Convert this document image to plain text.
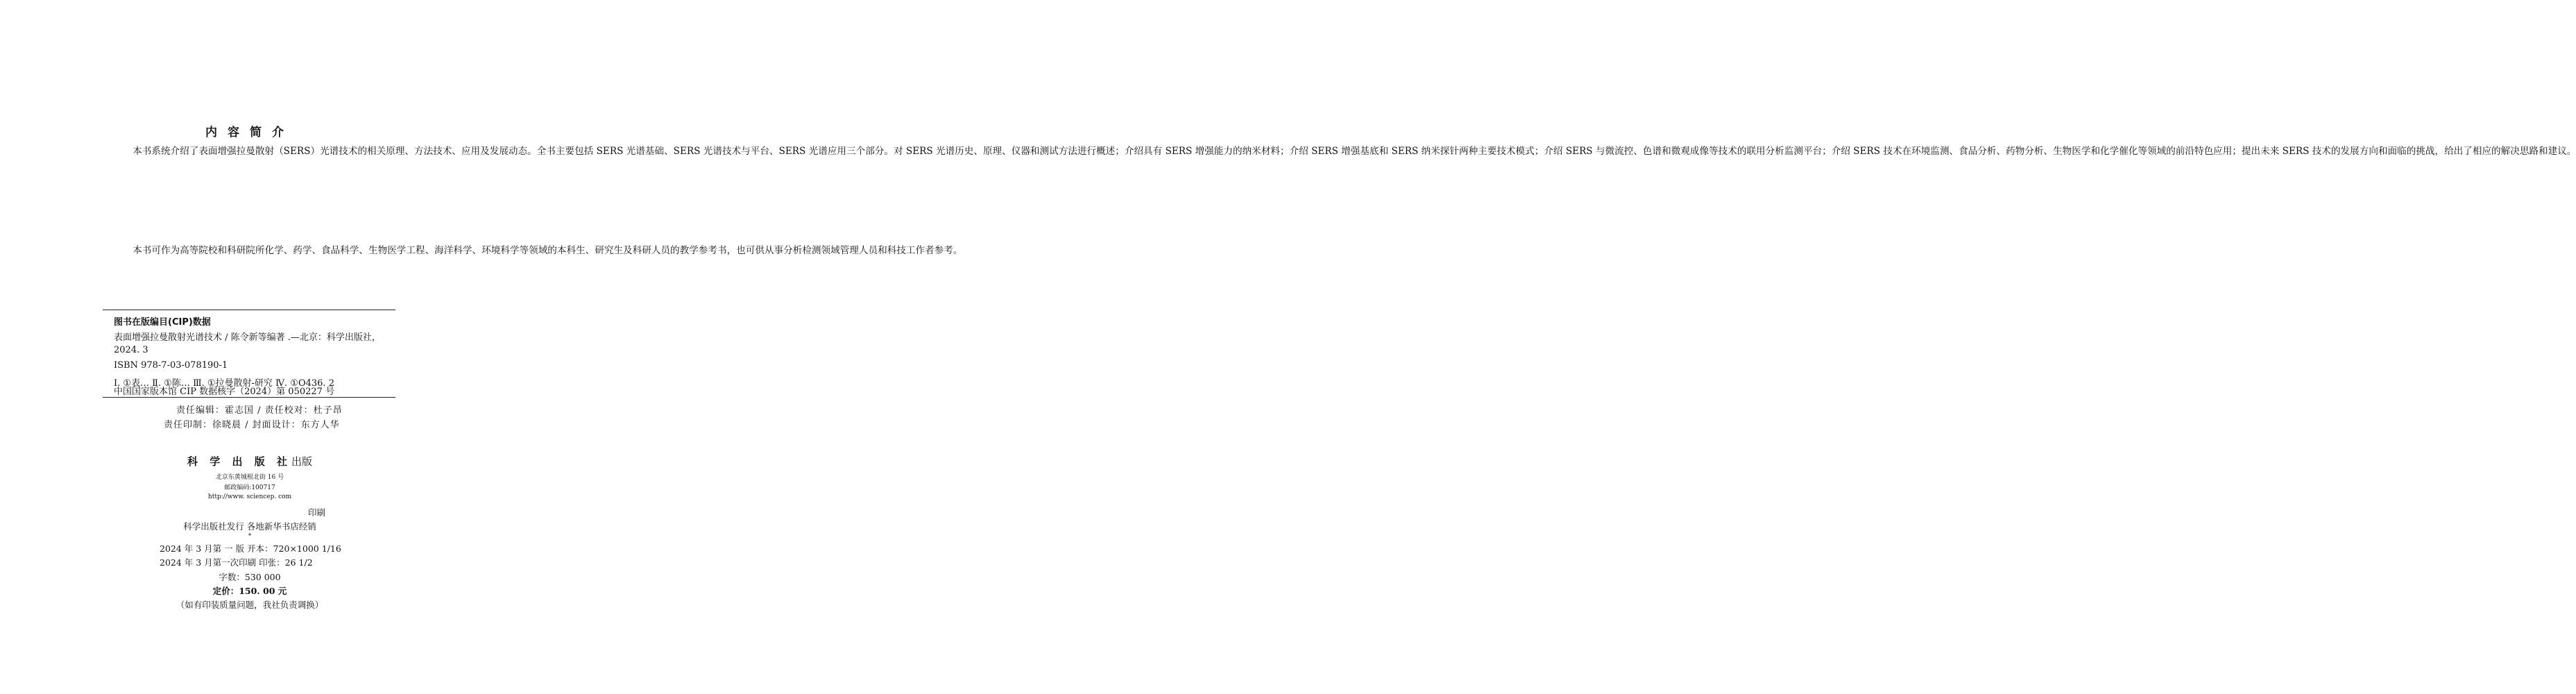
内容简介

本书系统介绍了表面增强拉曼散射（SERS）光谱技术的相关原理、方法技术、应用及发展动态。全书主要包括 SERS 光谱基础、SERS 光谱技术与平台、SERS 光谱应用三个部分。对 SERS 光谱历史、原理、仪器和测试方法进行概述；介绍具有 SERS 增强能力的纳米材料；介绍 SERS 增强基底和 SERS 纳米探针两种主要技术模式；介绍 SERS 与微流控、色谱和微观成像等技术的联用分析监测平台；介绍 SERS 技术在环境监测、食品分析、药物分析、生物医学和化学催化等领域的前沿特色应用；提出未来 SERS 技术的发展方向和面临的挑战，给出了相应的解决思路和建议。

本书可作为高等院校和科研院所化学、药学、食品科学、生物医学工程、海洋科学、环境科学等领域的本科生、研究生及科研人员的教学参考书，也可供从事分析检测领域管理人员和科技工作者参考。

图书在版编目(CIP)数据
表面增强拉曼散射光谱技术 / 陈令新等编著 .—北京：科学出版社，
2024. 3
ISBN 978-7-03-078190-1
Ⅰ. ①表… Ⅱ. ①陈… Ⅲ. ①拉曼散射-研究 Ⅳ. ①O436. 2
中国国家版本馆 CIP 数据核字（2024）第 050227 号
责任编辑：霍志国 / 责任校对：杜子昂
责任印制：徐晓晨 / 封面设计：东方人华
科 学 出 版 社出版
北京东黄城根北街 16 号
邮政编码:100717
http://www. sciencep. com
印刷
科学出版社发行 各地新华书店经销
*
2024 年 3 月第 一 版 开本：720×1000 1/16
2024 年 3 月第一次印刷 印张：26 1/2
字数：530 000
定价：150. 00 元
（如有印装质量问题，我社负责调换）
